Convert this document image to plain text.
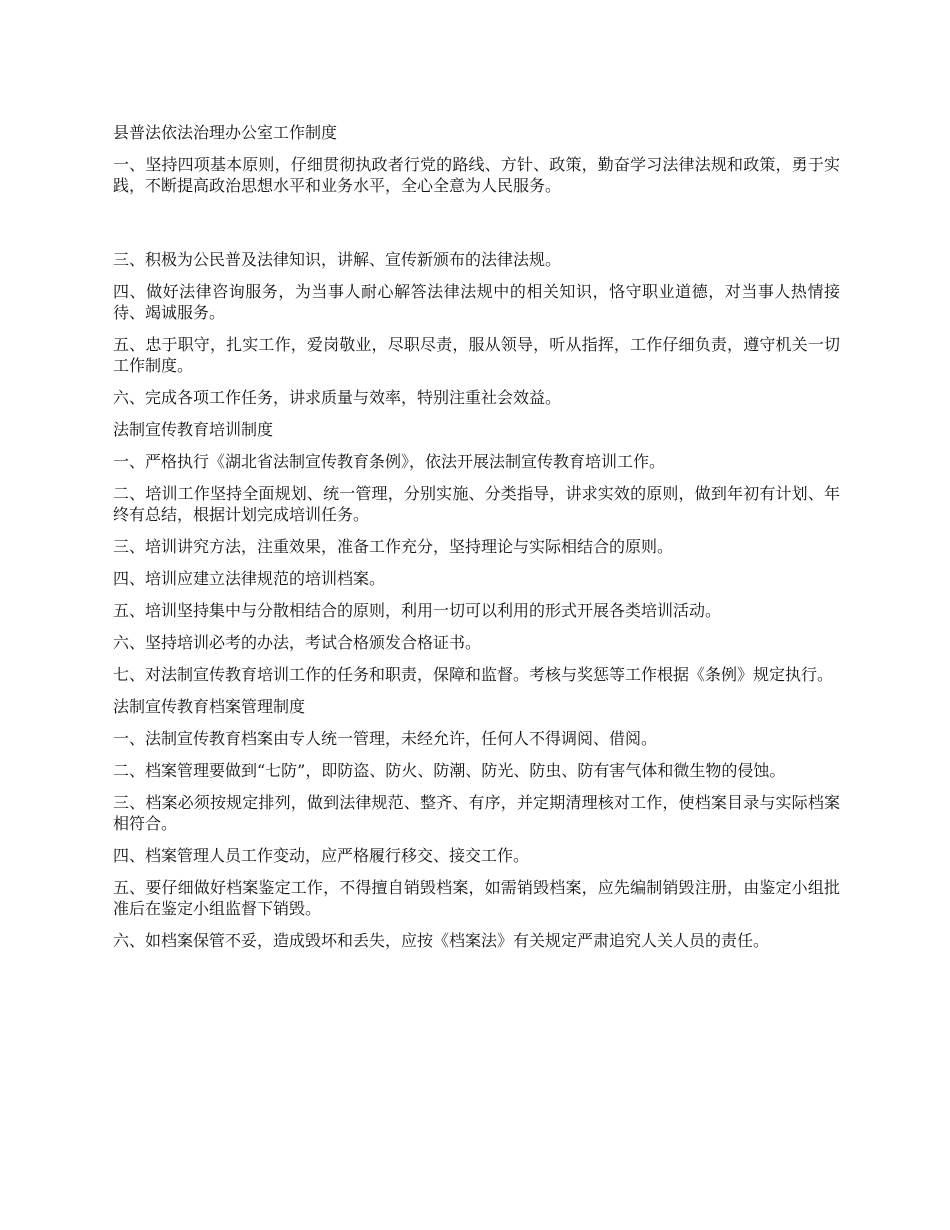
县普法依法治理办公室工作制度

一、坚持四项基本原则，仔细贯彻执政者行党的路线、方针、政策，勤奋学习法律法规和政策，勇于实践，不断提高政治思想水平和业务水平，全心全意为人民服务。

三、积极为公民普及法律知识，讲解、宣传新颁布的法律法规。

四、做好法律咨询服务，为当事人耐心解答法律法规中的相关知识，恪守职业道德，对当事人热情接待、竭诚服务。

五、忠于职守，扎实工作，爱岗敬业，尽职尽责，服从领导，听从指挥，工作仔细负责，遵守机关一切工作制度。

六、完成各项工作任务，讲求质量与效率，特别注重社会效益。

法制宣传教育培训制度

一、严格执行《湖北省法制宣传教育条例》，依法开展法制宣传教育培训工作。

二、培训工作坚持全面规划、统一管理，分别实施、分类指导，讲求实效的原则，做到年初有计划、年终有总结，根据计划完成培训任务。

三、培训讲究方法，注重效果，准备工作充分，坚持理论与实际相结合的原则。

四、培训应建立法律规范的培训档案。

五、培训坚持集中与分散相结合的原则，利用一切可以利用的形式开展各类培训活动。

六、坚持培训必考的办法，考试合格颁发合格证书。

七、对法制宣传教育培训工作的任务和职责，保障和监督。考核与奖惩等工作根据《条例》规定执行。

法制宣传教育档案管理制度

一、法制宣传教育档案由专人统一管理，未经允许，任何人不得调阅、借阅。

二、档案管理要做到“七防”，即防盗、防火、防潮、防光、防虫、防有害气体和微生物的侵蚀。

三、档案必须按规定排列，做到法律规范、整齐、有序，并定期清理核对工作，使档案目录与实际档案相符合。

四、档案管理人员工作变动，应严格履行移交、接交工作。

五、要仔细做好档案鉴定工作，不得擅自销毁档案，如需销毁档案，应先编制销毁注册，由鉴定小组批准后在鉴定小组监督下销毁。

六、如档案保管不妥，造成毁坏和丢失，应按《档案法》有关规定严肃追究人关人员的责任。
